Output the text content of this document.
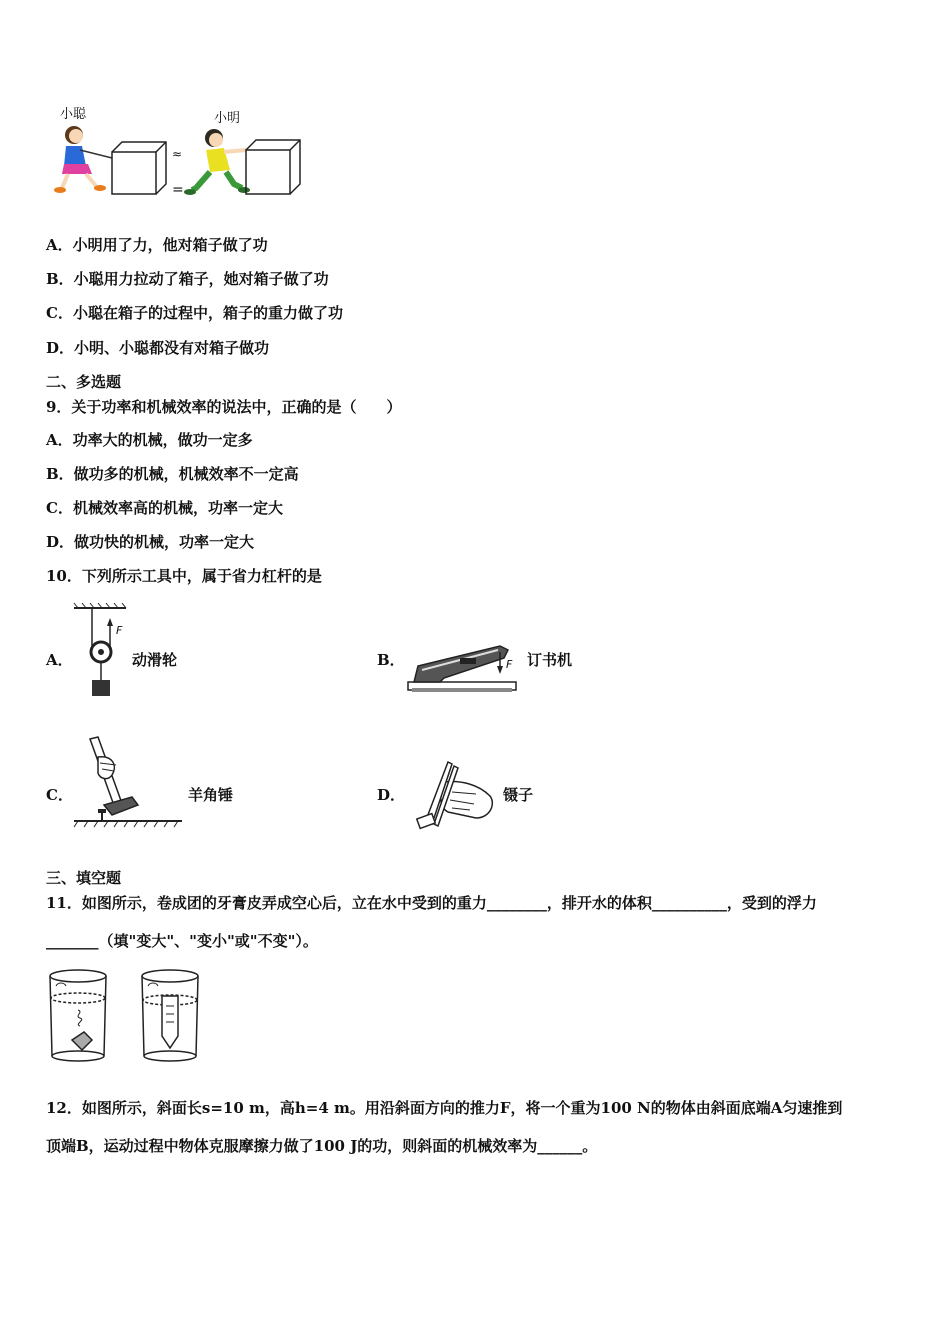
小聪	小明
≈
=
A．小明用了力，他对箱子做了功
B．小聪用力拉动了箱子，她对箱子做了功
C．小聪在箱子的过程中，箱子的重力做了功
D．小明、小聪都没有对箱子做功
二、多选题
9．关于功率和机械效率的说法中，正确的是（　　）
A．功率大的机械，做功一定多
B．做功多的机械，机械效率不一定高
C．机械效率高的机械，功率一定大
D．做功快的机械，功率一定大
10．下列所示工具中，属于省力杠杆的是
A．
F
动滑轮	B．	F 订书机
C．	羊角锤	D．	镊子
三、填空题
11．如图所示，卷成团的牙膏皮弄成空心后，立在水中受到的重力________，排开水的体积__________，受到的浮力
_______（填"变大"、"变小"或"不变"）。
12．如图所示，斜面长s=10 m，高h=4 m。用沿斜面方向的推力F，将一个重为100 N的物体由斜面底端A匀速推到
顶端B，运动过程中物体克服摩擦力做了100 J的功，则斜面的机械效率为______。
